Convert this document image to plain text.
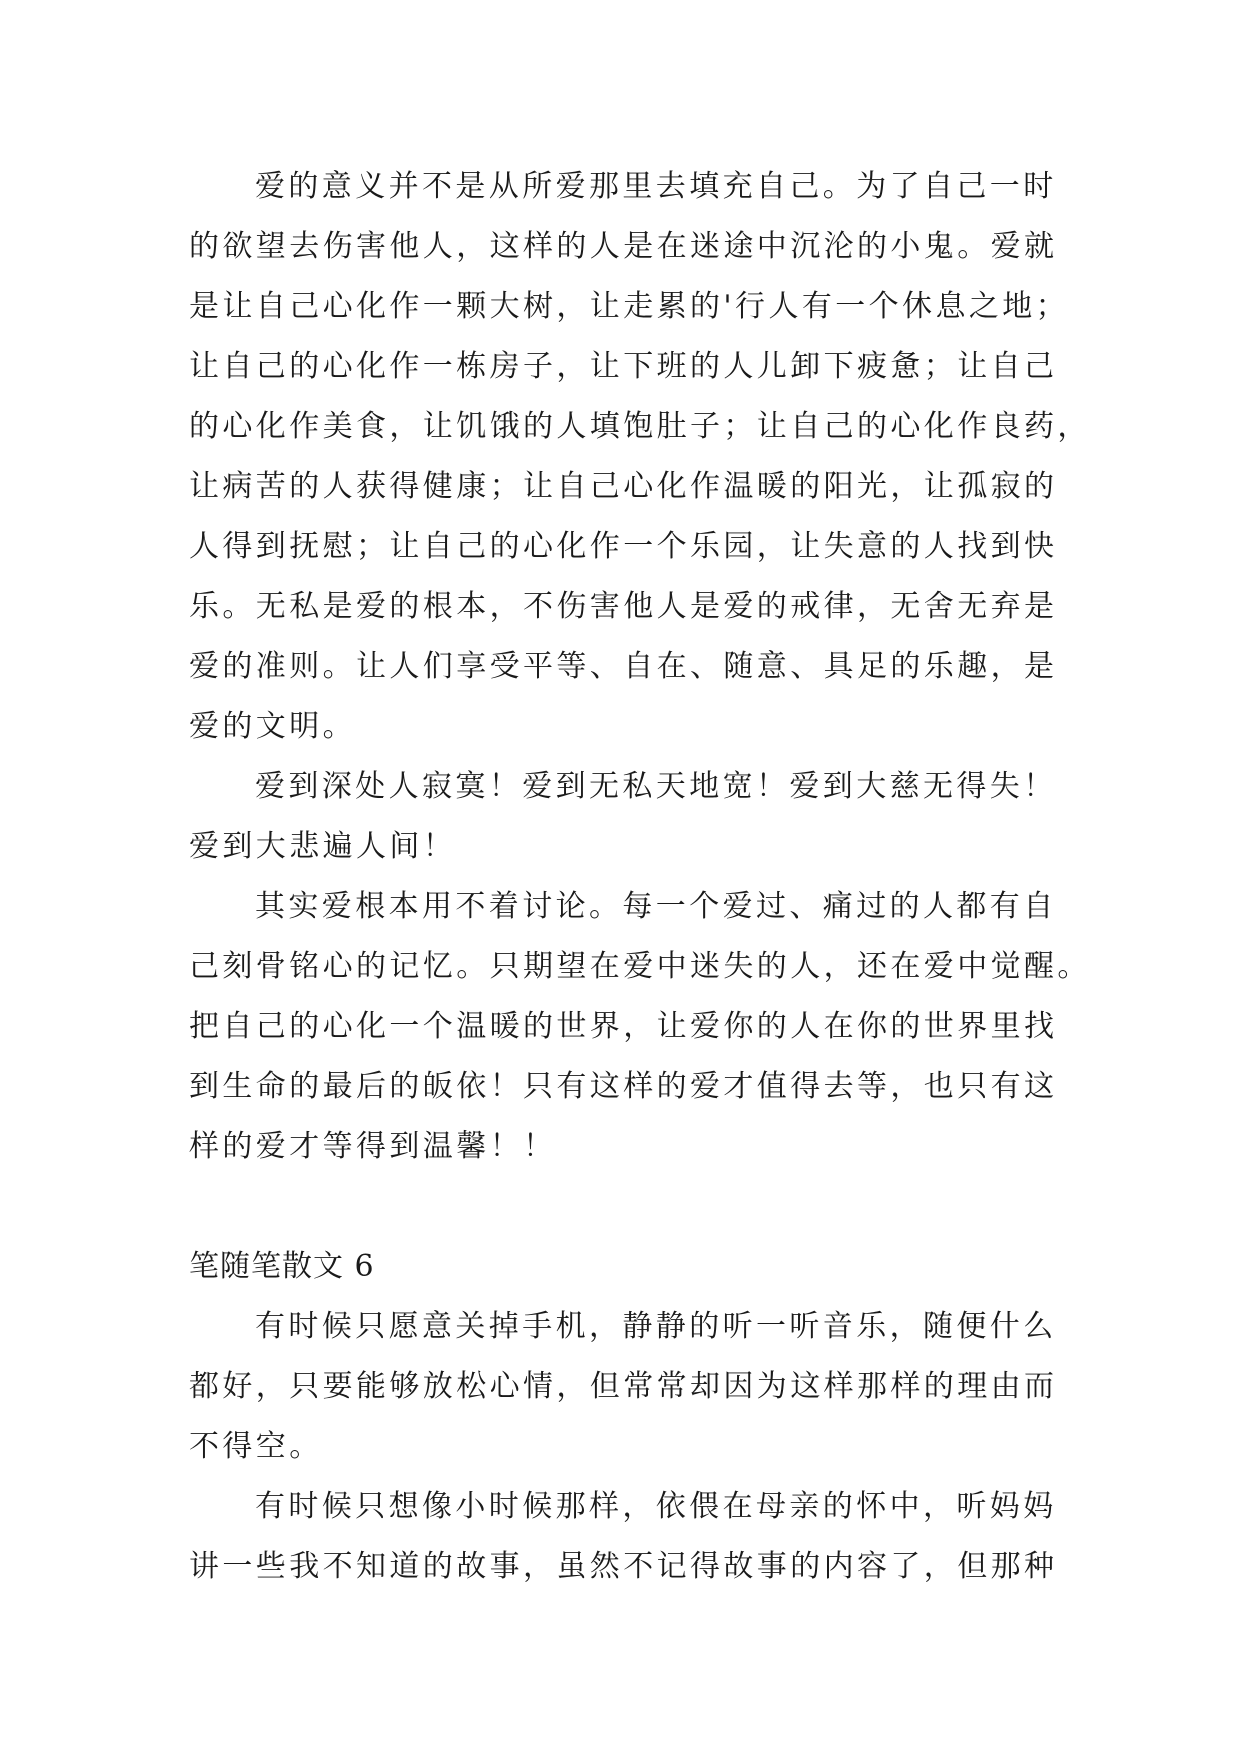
爱的意义并不是从所爱那里去填充自己。为了自己一时
的欲望去伤害他人，这样的人是在迷途中沉沦的小鬼。爱就
是让自己心化作一颗大树，让走累的'行人有一个休息之地；
让自己的心化作一栋房子，让下班的人儿卸下疲惫；让自己
的心化作美食，让饥饿的人填饱肚子；让自己的心化作良药，
让病苦的人获得健康；让自己心化作温暖的阳光，让孤寂的
人得到抚慰；让自己的心化作一个乐园，让失意的人找到快
乐。无私是爱的根本，不伤害他人是爱的戒律，无舍无弃是
爱的准则。让人们享受平等、自在、随意、具足的乐趣，是
爱的文明。
爱到深处人寂寞！爱到无私天地宽！爱到大慈无得失！
爱到大悲遍人间！
其实爱根本用不着讨论。每一个爱过、痛过的人都有自
己刻骨铭心的记忆。只期望在爱中迷失的人，还在爱中觉醒。
把自己的心化一个温暖的世界，让爱你的人在你的世界里找
到生命的最后的皈依！只有这样的爱才值得去等，也只有这
样的爱才等得到温馨！！
笔随笔散文 6
有时候只愿意关掉手机，静静的听一听音乐，随便什么
都好，只要能够放松心情，但常常却因为这样那样的理由而
不得空。
有时候只想像小时候那样，依偎在母亲的怀中，听妈妈
讲一些我不知道的故事，虽然不记得故事的内容了，但那种
